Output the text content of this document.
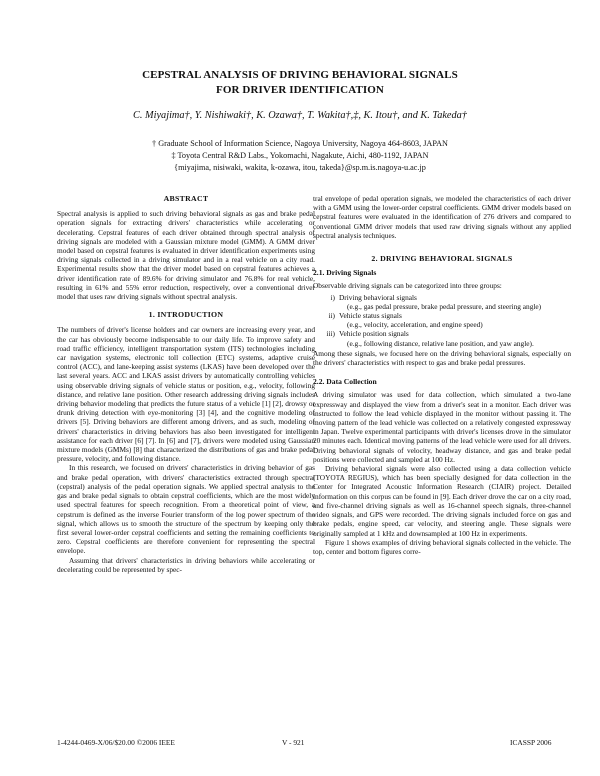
CEPSTRAL ANALYSIS OF DRIVING BEHAVIORAL SIGNALS
FOR DRIVER IDENTIFICATION
C. Miyajima†, Y. Nishiwaki†, K. Ozawa†, T. Wakita†,‡, K. Itou†, and K. Takeda†
† Graduate School of Information Science, Nagoya University, Nagoya 464-8603, JAPAN
‡ Toyota Central R&D Labs., Yokomachi, Nagakute, Aichi, 480-1192, JAPAN
{miyajima, nisiwaki, wakita, k-ozawa, itou, takeda}@sp.m.is.nagoya-u.ac.jp

ABSTRACT

Spectral analysis is applied to such driving behavioral signals as gas and brake pedal operation signals for extracting drivers' characteristics while accelerating or decelerating. Cepstral features of each driver obtained through spectral analysis of driving signals are modeled with a Gaussian mixture model (GMM). A GMM driver model based on cepstral features is evaluated in driver identification experiments using driving signals collected in a driving simulator and in a real vehicle on a city road. Experimental results show that the driver model based on cepstral features achieves a driver identification rate of 89.6% for driving simulator and 76.8% for real vehicle, resulting in 61% and 55% error reduction, respectively, over a conventional driver model that uses raw driving signals without spectral analysis.

1. INTRODUCTION

The numbers of driver's license holders and car owners are increasing every year, and the car has obviously become indispensable to our daily life. To improve safety and road traffic efficiency, intelligent transportation system (ITS) technologies including car navigation systems, electronic toll collection (ETC) systems, adaptive cruise control (ACC), and lane-keeping assist systems (LKAS) have been developed over the last several years. ACC and LKAS assist drivers by automatically controlling vehicles using observable driving signals of vehicle status or position, e.g., velocity, following distance, and relative lane position. Other research addressing driving signals includes driving behavior modeling that predicts the future status of a vehicle [1] [2], drowsy or drunk driving detection with eye-monitoring [3] [4], and the cognitive modeling of drivers [5]. Driving behaviors are different among drivers, and as such, modeling of drivers' characteristics in driving behaviors has also been investigated for intelligent assistance for each driver [6] [7]. In [6] and [7], drivers were modeled using Gaussian mixture models (GMMs) [8] that characterized the distributions of gas and brake pedal pressure, velocity, and following distance.

In this research, we focused on drivers' characteristics in driving behavior of gas and brake pedal operation, with drivers' characteristics extracted through spectral (cepstral) analysis of the pedal operation signals. We applied spectral analysis to the gas and brake pedal signals to obtain cepstral coefficients, which are the most widely used spectral features for speech recognition. From a theoretical point of view, a cepstrum is defined as the inverse Fourier transform of the log power spectrum of the signal, which allows us to smooth the structure of the spectrum by keeping only the first several lower-order cepstral coefficients and setting the remaining coefficients to zero. Cepstral coefficients are therefore convenient for representing the spectral envelope.

Assuming that drivers' characteristics in driving behaviors while accelerating or decelerating could be represented by spec-

tral envelope of pedal operation signals, we modeled the characteristics of each driver with a GMM using the lower-order cepstral coefficients. GMM driver models based on cepstral features were evaluated in the identification of 276 drivers and compared to conventional GMM driver models that used raw driving signals without any applied spectral analysis techniques.

2. DRIVING BEHAVIORAL SIGNALS

2.1. Driving Signals

Observable driving signals can be categorized into three groups:

i) Driving behavioral signals

(e.g., gas pedal pressure, brake pedal pressure, and steering angle)
ii) Vehicle status signals

(e.g., velocity, acceleration, and engine speed)
iii) Vehicle position signals

(e.g., following distance, relative lane position, and yaw angle).

Among these signals, we focused here on the driving behavioral signals, especially on the drivers' characteristics with respect to gas and brake pedal pressures.

2.2. Data Collection

A driving simulator was used for data collection, which simulated a two-lane expressway and displayed the view from a driver's seat in a monitor. Each driver was instructed to follow the lead vehicle displayed in the monitor without passing it. The moving pattern of the lead vehicle was collected on a relatively congested expressway in Japan. Twelve experimental participants with driver's licenses drove in the simulator 20 minutes each. Identical moving patterns of the lead vehicle were used for all drivers. Driving behavioral signals of velocity, headway distance, and gas and brake pedal positions were collected and sampled at 100 Hz.

Driving behavioral signals were also collected using a data collection vehicle (TOYOTA REGIUS), which has been specially designed for data collection in the Center for Integrated Acoustic Information Research (CIAIR) project. Detailed information on this corpus can be found in [9]. Each driver drove the car on a city road, and five-channel driving signals as well as 16-channel speech signals, three-channel video signals, and GPS were recorded. The driving signals included force on gas and brake pedals, engine speed, car velocity, and steering angle. These signals were originally sampled at 1 kHz and downsampled at 100 Hz in experiments.

Figure 1 shows examples of driving behavioral signals collected in the vehicle. The top, center and bottom figures corre-

1-4244-0469-X/06/$20.00 ©2006 IEEE	V - 921	ICASSP 2006
